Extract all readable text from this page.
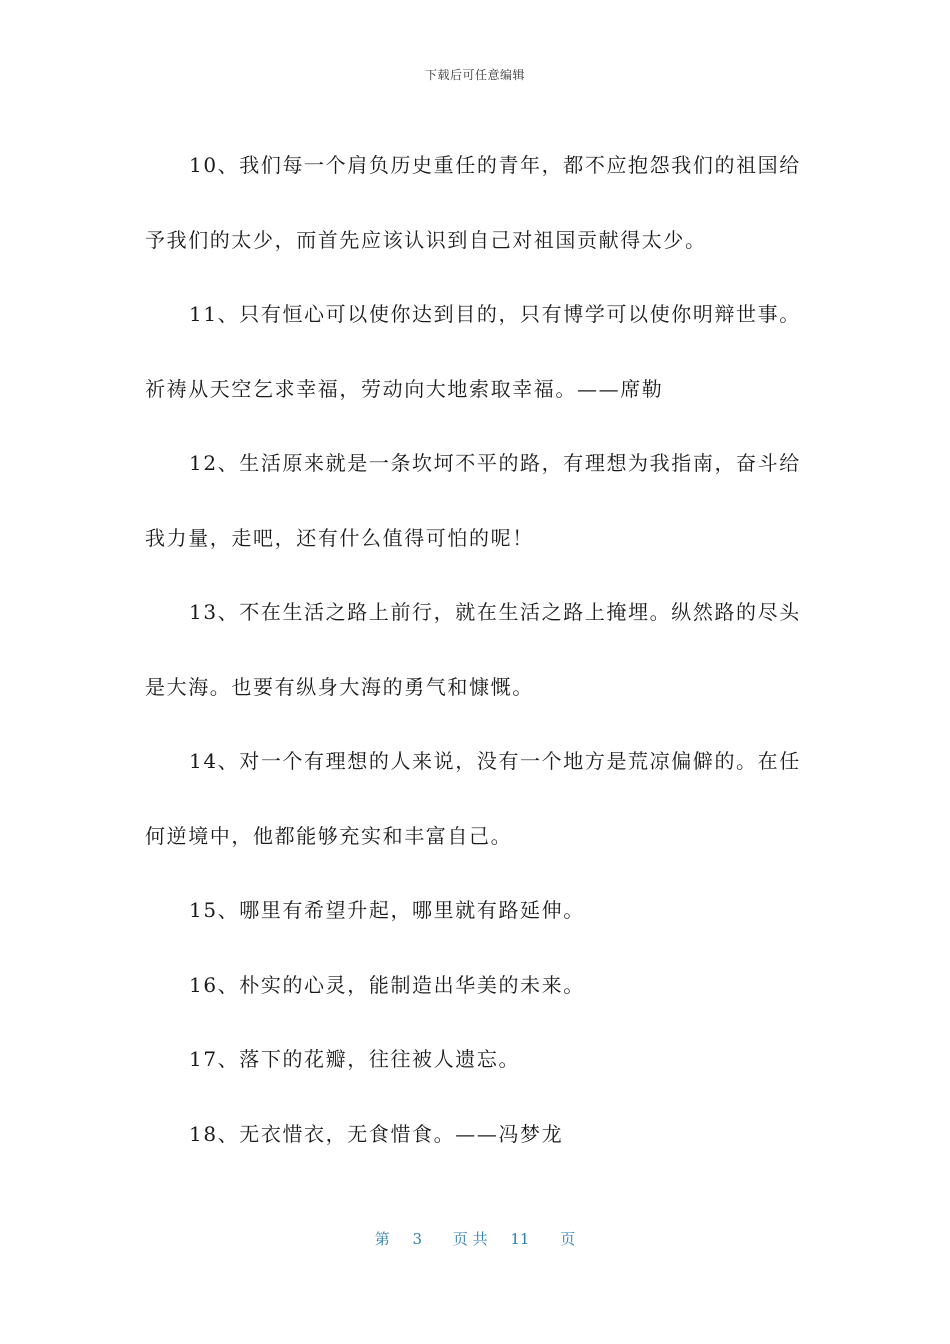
下载后可任意编辑

10、我们每一个肩负历史重任的青年，都不应抱怨我们的祖国给予我们的太少，而首先应该认识到自己对祖国贡献得太少。

11、只有恒心可以使你达到目的，只有博学可以使你明辩世事。祈祷从天空乞求幸福，劳动向大地索取幸福。——席勒

12、生活原来就是一条坎坷不平的路，有理想为我指南，奋斗给我力量，走吧，还有什么值得可怕的呢！

13、不在生活之路上前行，就在生活之路上掩埋。纵然路的尽头是大海。也要有纵身大海的勇气和慷慨。

14、对一个有理想的人来说，没有一个地方是荒凉偏僻的。在任何逆境中，他都能够充实和丰富自己。

15、哪里有希望升起，哪里就有路延伸。

16、朴实的心灵，能制造出华美的未来。

17、落下的花瓣，往往被人遗忘。

18、无衣惜衣，无食惜食。——冯梦龙

第 3 页 共 11 页
